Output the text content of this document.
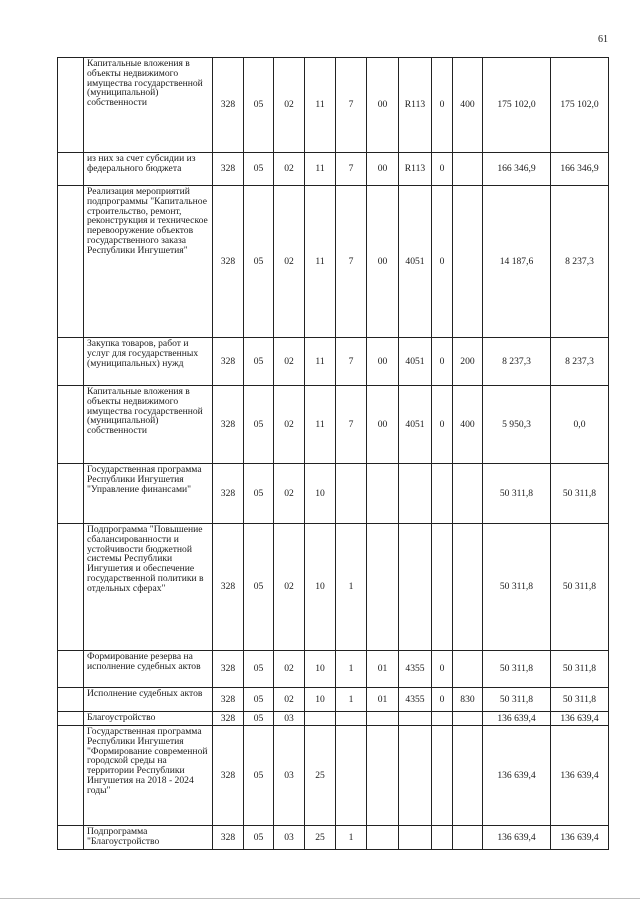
61
	Капитальные вложения в объекты недвижимого имущества государственной (муниципальной) собственности	328	05	02	11	7	00	R113	0	400	175 102,0	175 102,0
	из них за счет субсидии из федерального бюджета	328	05	02	11	7	00	R113	0		166 346,9	166 346,9
	Реализация мероприятий подпрограммы "Капитальное строительство, ремонт, реконструкция и техническое перевооружение объектов государственного заказа Республики Ингушетия"	328	05	02	11	7	00	4051	0		14 187,6	8 237,3
	Закупка товаров, работ и услуг для государственных (муниципальных) нужд	328	05	02	11	7	00	4051	0	200	8 237,3	8 237,3
	Капитальные вложения в объекты недвижимого имущества государственной (муниципальной) собственности	328	05	02	11	7	00	4051	0	400	5 950,3	0,0
	Государственная программа Республики Ингушетия "Управление финансами"	328	05	02	10						50 311,8	50 311,8
	Подпрограмма "Повышение сбалансированности и устойчивости бюджетной системы Республики Ингушетия и обеспечение государственной политики в отдельных сферах"	328	05	02	10	1					50 311,8	50 311,8
	Формирование резерва на исполнение судебных актов	328	05	02	10	1	01	4355	0		50 311,8	50 311,8
	Исполнение судебных актов	328	05	02	10	1	01	4355	0	830	50 311,8	50 311,8
	Благоустройство	328	05	03							136 639,4	136 639,4
	Государственная программа Республики Ингушетия "Формирование современной городской среды на территории Республики Ингушетия на 2018 - 2024 годы"	328	05	03	25						136 639,4	136 639,4
	Подпрограмма "Благоустройство	328	05	03	25	1					136 639,4	136 639,4
